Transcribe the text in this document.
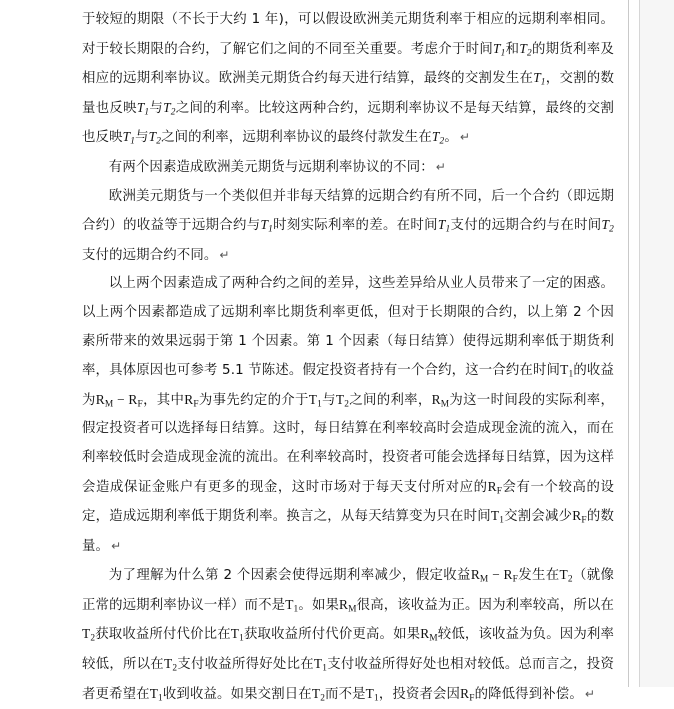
于较短的期限（不长于大约 1 年)，可以假设欧洲美元期货利率于相应的远期利率相同。对于较长期限的合约，了解它们之间的不同至关重要。考虑介于时间$T_1$和$T_2$的期货利率及相应的远期利率协议。欧洲美元期货合约每天进行结算，最终的交割发生在$T_1$，交割的数量也反映$T_1$与$T_2$之间的利率。比较这两种合约，远期利率协议不是每天结算，最终的交割也反映$T_1$与$T_2$之间的利率，远期利率协议的最终付款发生在$T_2$。 ↵

有两个因素造成欧洲美元期货与远期利率协议的不同： ↵

欧洲美元期货与一个类似但并非每天结算的远期合约有所不同，后一个合约（即远期合约）的收益等于远期合约与$T_1$时刻实际利率的差。在时间$T_1$支付的远期合约与在时间$T_2$支付的远期合约不同。 ↵

以上两个因素造成了两种合约之间的差异，这些差异给从业人员带来了一定的困惑。以上两个因素都造成了远期利率比期货利率更低，但对于长期限的合约，以上第 2 个因素所带来的效果远弱于第 1 个因素。第 1 个因素（每日结算）使得远期利率低于期货利率，具体原因也可参考 5.1 节陈述。假定投资者持有一个合约，这一合约在时间$T_1$的收益为$R_M - R_F$，其中$R_F$为事先约定的介于$T_1$与$T_2$之间的利率，$R_M$为这一时间段的实际利率，假定投资者可以选择每日结算。这时，每日结算在利率较高时会造成现金流的流入，而在利率较低时会造成现金流的流出。在利率较高时，投资者可能会选择每日结算，因为这样会造成保证金账户有更多的现金，这时市场对于每天支付所对应的$R_F$会有一个较高的设定，造成远期利率低于期货利率。换言之，从每天结算变为只在时间$T_1$交割会减少$R_F$的数量。 ↵

为了理解为什么第 2 个因素会使得远期利率减少，假定收益$R_M - R_F$发生在$T_2$（就像正常的远期利率协议一样）而不是$T_1$。如果$R_M$很高，该收益为正。因为利率较高，所以在$T_2$获取收益所付代价比在$T_1$获取收益所付代价更高。如果$R_M$较低，该收益为负。因为利率较低，所以在$T_2$支付收益所得好处比在$T_1$支付收益所得好处也相对较低。总而言之，投资者更希望在$T_1$收到收益。如果交割日在$T_2$而不是$T_1$，投资者会因$R_F$的降低得到补偿。 ↵
